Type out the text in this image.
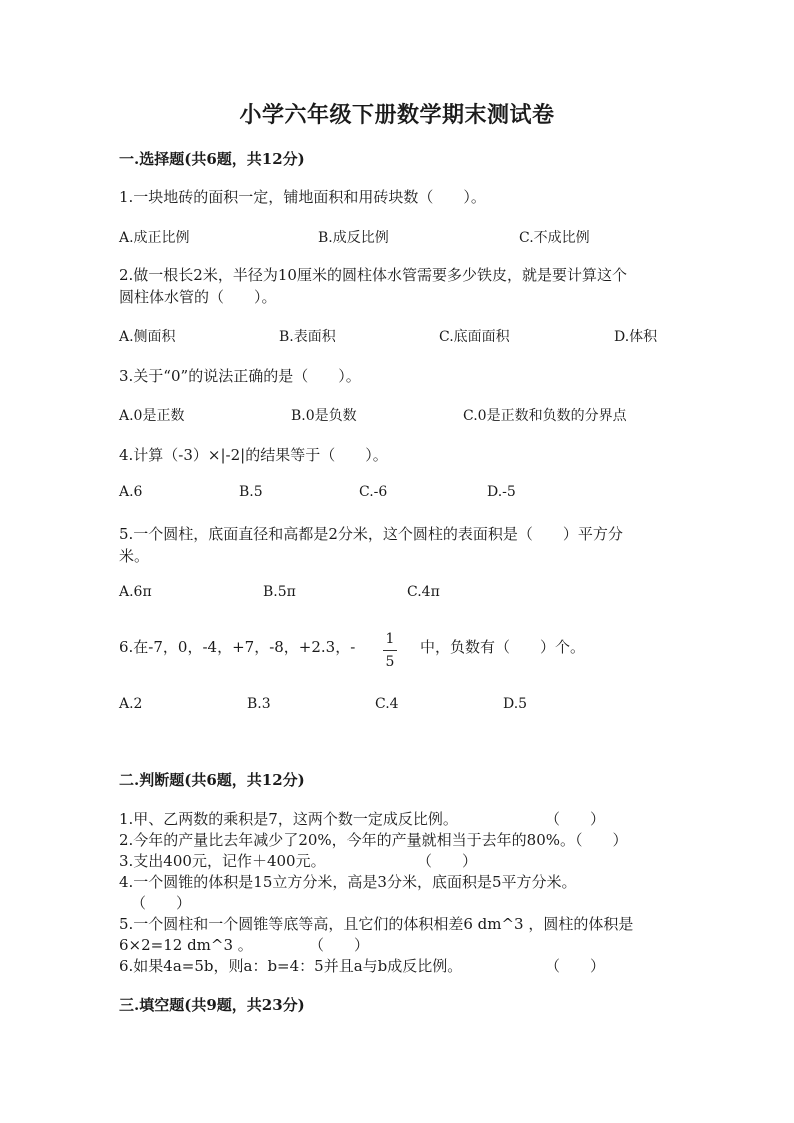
小学六年级下册数学期末测试卷
一.选择题(共6题，共12分)
1.一块地砖的面积一定，铺地面积和用砖块数（　　）。
A.成正比例	B.成反比例	C.不成比例
2.做一根长2米，半径为10厘米的圆柱体水管需要多少铁皮，就是要计算这个
圆柱体水管的（　　）。
A.侧面积	B.表面积	C.底面面积	D.体积
3.关于“0”的说法正确的是（　　）。
A.0是正数	B.0是负数	C.0是正数和负数的分界点
4.计算（-3）×|-2|的结果等于（　　）。
A.6	B.5	C.-6	D.-5
5.一个圆柱，底面直径和高都是2分米，这个圆柱的表面积是（　　）平方分
米。
A.6π	B.5π	C.4π
6.在-7，0，-4，+7，-8，+2.3，-	1
5
中，负数有（　　）个。
A.2	B.3	C.4	D.5
二.判断题(共6题，共12分)
1.甲、乙两数的乘积是7，这两个数一定成反比例。	（　　）
2.今年的产量比去年减少了20%，今年的产量就相当于去年的80%。（　　）
3.支出400元，记作＋400元。	（　　）
4.一个圆锥的体积是15立方分米，高是3分米，底面积是5平方分米。
（　　）
5.一个圆柱和一个圆锥等底等高，且它们的体积相差6 dm^3 ，圆柱的体积是
6×2=12 dm^3 。	（　　）
6.如果4a=5b，则a：b=4：5并且a与b成反比例。	（　　）
三.填空题(共9题，共23分)
